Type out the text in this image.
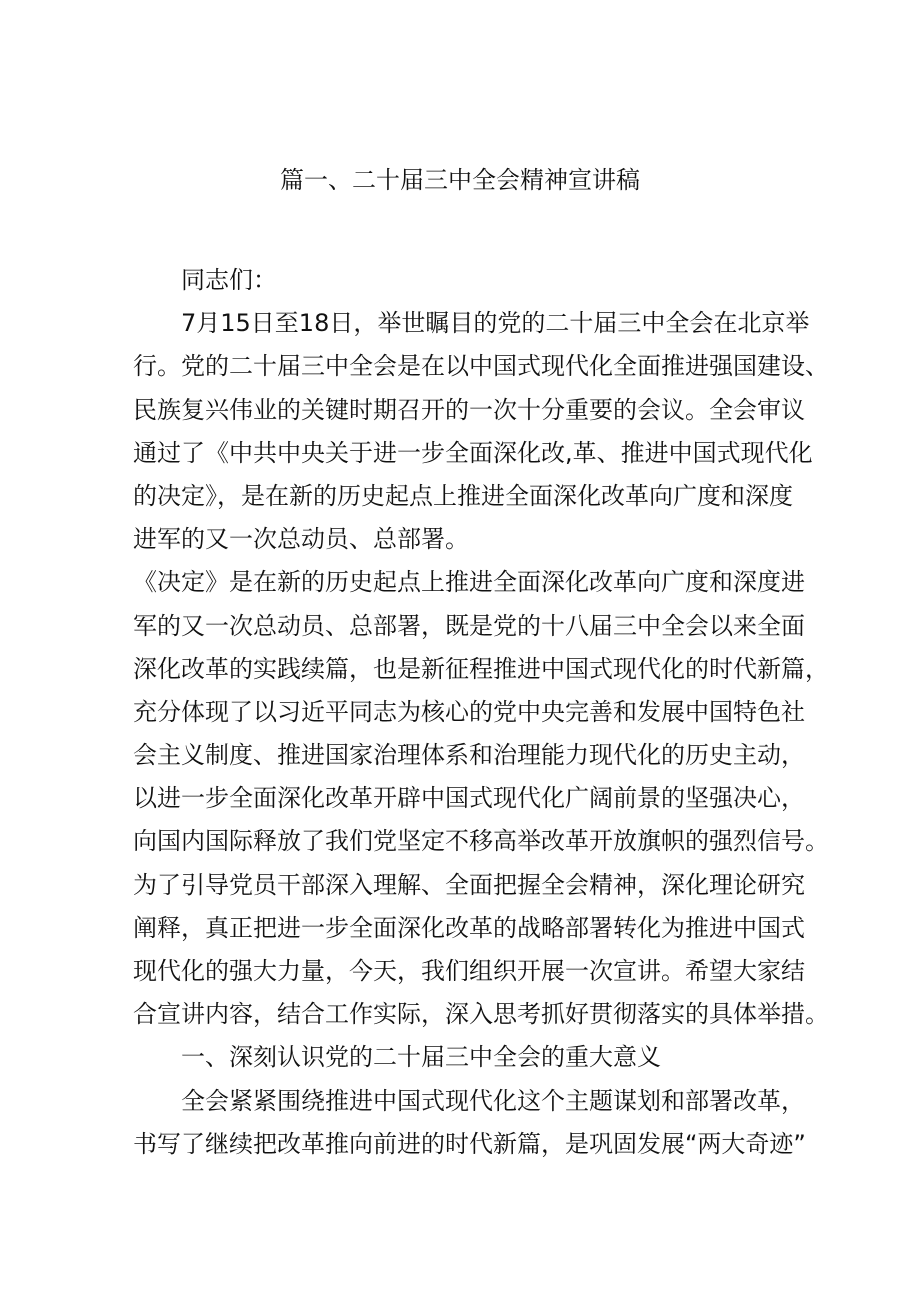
篇一、二十届三中全会精神宣讲稿
同志们：
7月15日至18日，举世瞩目的党的二十届三中全会在北京举
行。党的二十届三中全会是在以中国式现代化全面推进强国建设、
民族复兴伟业的关键时期召开的一次十分重要的会议。全会审议
通过了《中共中央关于进一步全面深化改,革、推进中国式现代化
的决定》，是在新的历史起点上推进全面深化改革向广度和深度
进军的又一次总动员、总部署。
《决定》是在新的历史起点上推进全面深化改革向广度和深度进
军的又一次总动员、总部署，既是党的十八届三中全会以来全面
深化改革的实践续篇，也是新征程推进中国式现代化的时代新篇，
充分体现了以习近平同志为核心的党中央完善和发展中国特色社
会主义制度、推进国家治理体系和治理能力现代化的历史主动，
以进一步全面深化改革开辟中国式现代化广阔前景的坚强决心，
向国内国际释放了我们党坚定不移高举改革开放旗帜的强烈信号。
为了引导党员干部深入理解、全面把握全会精神，深化理论研究
阐释，真正把进一步全面深化改革的战略部署转化为推进中国式
现代化的强大力量，今天，我们组织开展一次宣讲。希望大家结
合宣讲内容，结合工作实际，深入思考抓好贯彻落实的具体举措。
一、深刻认识党的二十届三中全会的重大意义
全会紧紧围绕推进中国式现代化这个主题谋划和部署改革，
书写了继续把改革推向前进的时代新篇，是巩固发展“两大奇迹”
